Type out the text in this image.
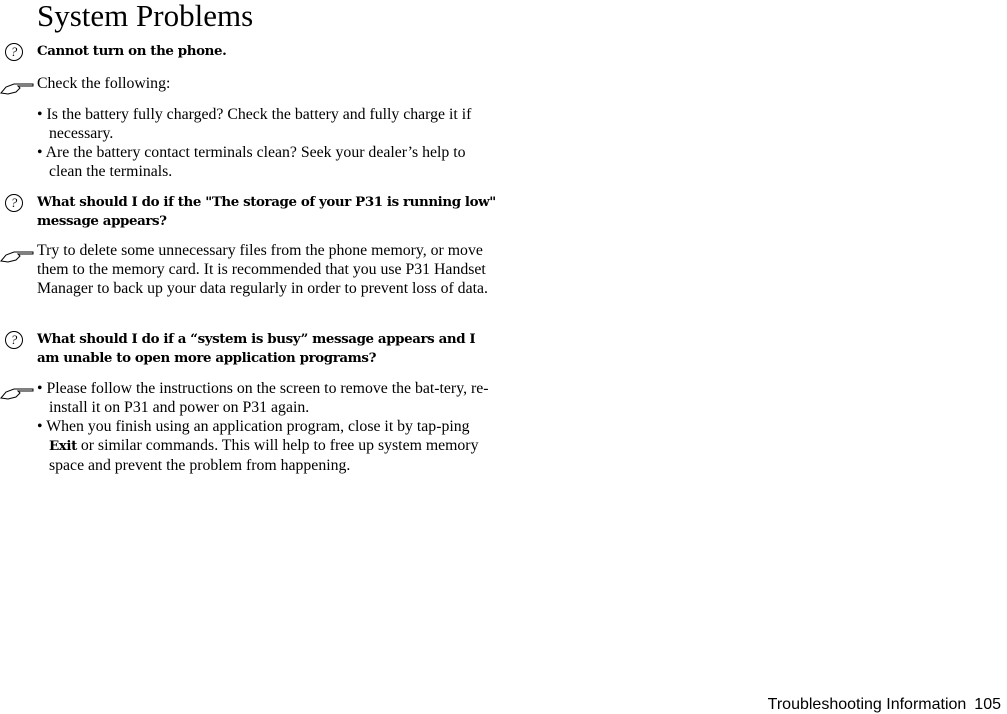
System Problems
?	Cannot turn on the phone.
Check the following:
• Is the battery fully charged? Check the battery and fully charge it if necessary.
• Are the battery contact terminals clean? Seek your dealer’s help to clean the terminals.
?	What should I do if the "The storage of your P31 is running low" message appears?
Try to delete some unnecessary files from the phone memory, or move them to the memory card. It is recommended that you use P31 Handset Manager to back up your data regularly in order to prevent loss of data.
?	What should I do if a “system is busy” message appears and I am unable to open more application programs?
• Please follow the instructions on the screen to remove the bat-tery, re-install it on P31 and power on P31 again.
• When you finish using an application program, close it by tap-ping Exit or similar commands. This will help to free up system memory space and prevent the problem from happening.
Troubleshooting Information 105
